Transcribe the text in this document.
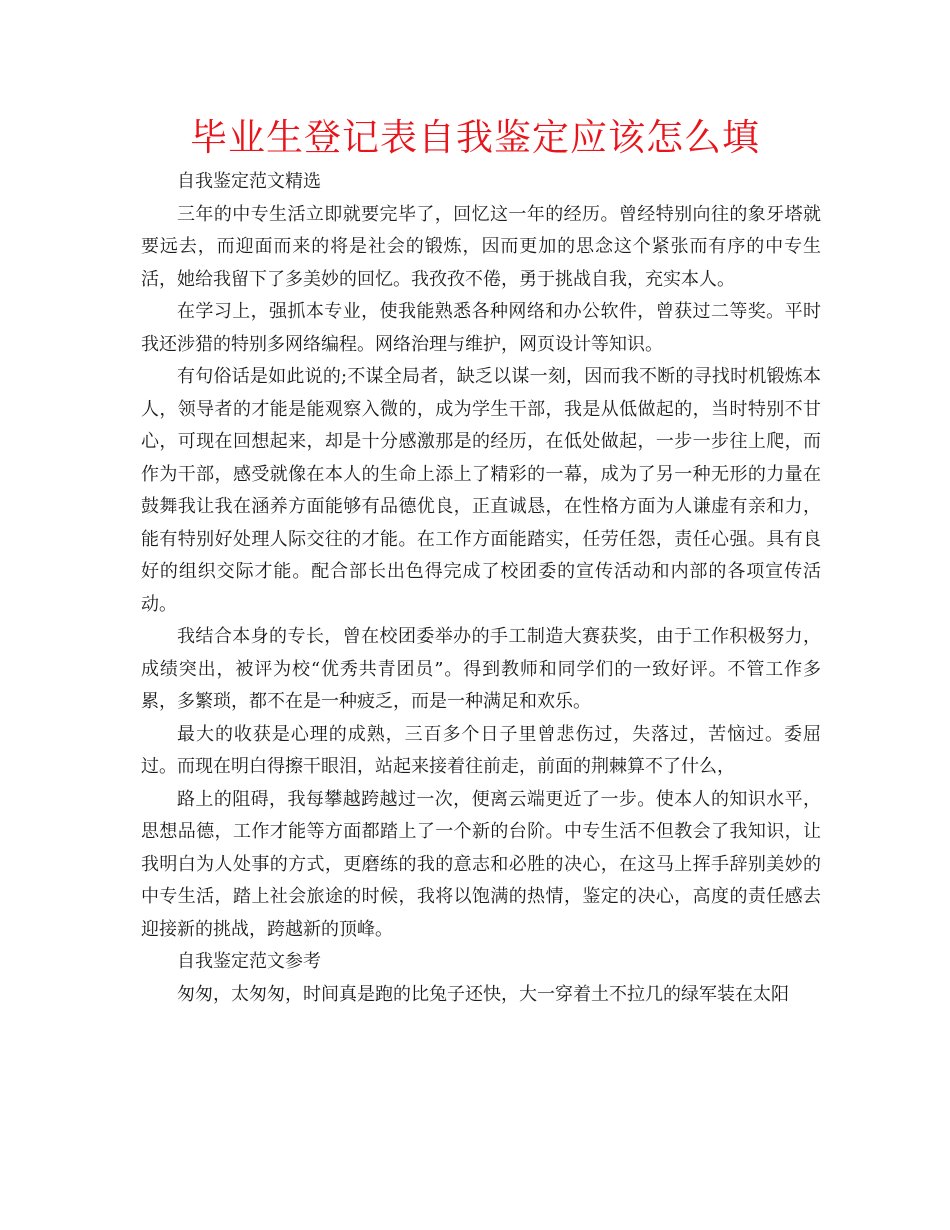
毕业生登记表自我鉴定应该怎么填

自我鉴定范文精选

三年的中专生活立即就要完毕了，回忆这一年的经历。曾经特别向往的象牙塔就要远去，而迎面而来的将是社会的锻炼，因而更加的思念这个紧张而有序的中专生活，她给我留下了多美妙的回忆。我孜孜不倦，勇于挑战自我，充实本人。

在学习上，强抓本专业，使我能熟悉各种网络和办公软件，曾获过二等奖。平时我还涉猎的特别多网络编程。网络治理与维护，网页设计等知识。

有句俗话是如此说的;不谋全局者，缺乏以谋一刻，因而我不断的寻找时机锻炼本人，领导者的才能是能观察入微的，成为学生干部，我是从低做起的，当时特别不甘心，可现在回想起来，却是十分感激那是的经历，在低处做起，一步一步往上爬，而作为干部，感受就像在本人的生命上添上了精彩的一幕，成为了另一种无形的力量在鼓舞我让我在涵养方面能够有品德优良，正直诚恳，在性格方面为人谦虚有亲和力，能有特别好处理人际交往的才能。在工作方面能踏实，任劳任怨，责任心强。具有良好的组织交际才能。配合部长出色得完成了校团委的宣传活动和内部的各项宣传活动。

我结合本身的专长，曾在校团委举办的手工制造大赛获奖，由于工作积极努力，成绩突出，被评为校“优秀共青团员”。得到教师和同学们的一致好评。不管工作多累，多繁琐，都不在是一种疲乏，而是一种满足和欢乐。

最大的收获是心理的成熟，三百多个日子里曾悲伤过，失落过，苦恼过。委屈过。而现在明白得擦干眼泪，站起来接着往前走，前面的荆棘算不了什么，

路上的阻碍，我每攀越跨越过一次，便离云端更近了一步。使本人的知识水平，思想品德，工作才能等方面都踏上了一个新的台阶。中专生活不但教会了我知识，让我明白为人处事的方式，更磨练的我的意志和必胜的决心，在这马上挥手辞别美妙的中专生活，踏上社会旅途的时候，我将以饱满的热情，鉴定的决心，高度的责任感去迎接新的挑战，跨越新的顶峰。

自我鉴定范文参考

匆匆，太匆匆，时间真是跑的比兔子还快，大一穿着土不拉几的绿军装在太阳
